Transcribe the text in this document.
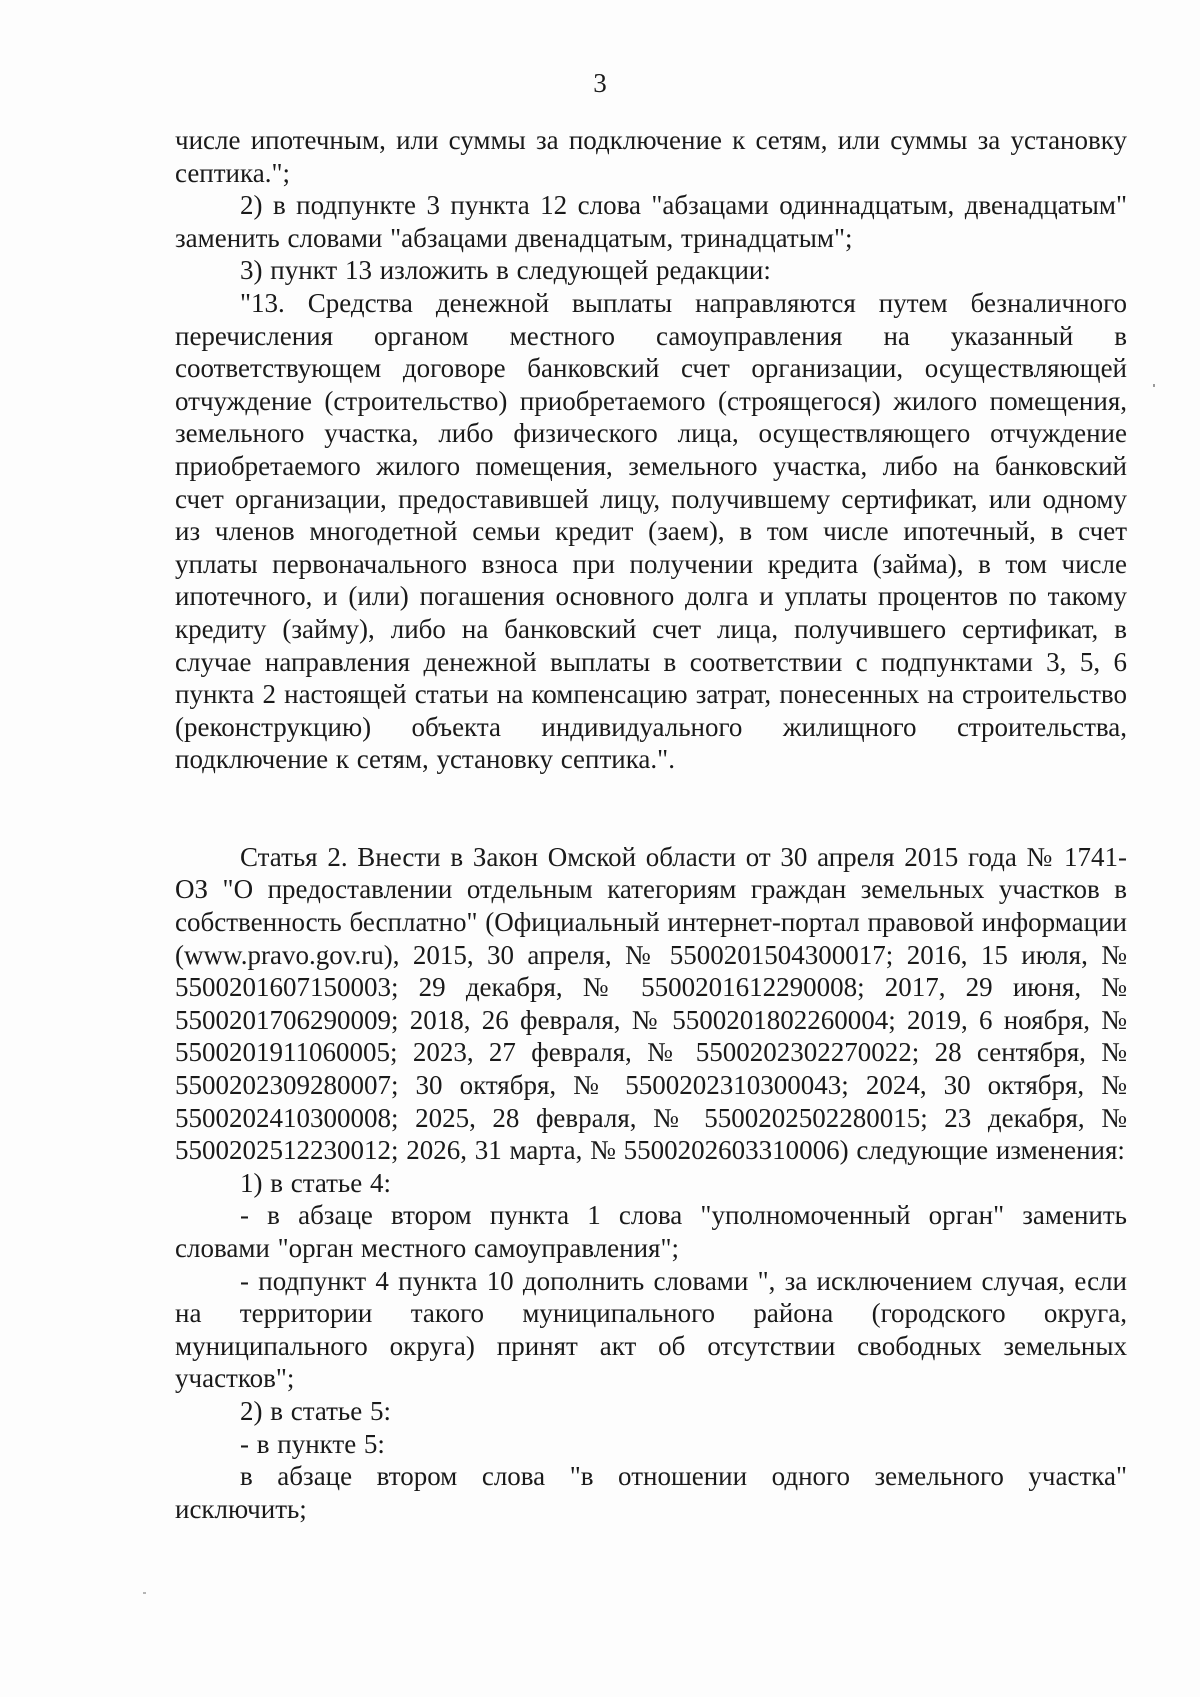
3

числе ипотечным, или суммы за подключение к сетям, или суммы за установку септика.";

2) в подпункте 3 пункта 12 слова "абзацами одиннадцатым, двенадцатым" заменить словами "абзацами двенадцатым, тринадцатым";

3) пункт 13 изложить в следующей редакции:

"13. Средства денежной выплаты направляются путем безналичного перечисления органом местного самоуправления на указанный в соответствующем договоре банковский счет организации, осуществляющей отчуждение (строительство) приобретаемого (строящегося) жилого помещения, земельного участка, либо физического лица, осуществляющего отчуждение приобретаемого жилого помещения, земельного участка, либо на банковский счет организации, предоставившей лицу, получившему сертификат, или одному из членов многодетной семьи кредит (заем), в том числе ипотечный, в счет уплаты первоначального взноса при получении кредита (займа), в том числе ипотечного, и (или) погашения основного долга и уплаты процентов по такому кредиту (займу), либо на банковский счет лица, получившего сертификат, в случае направления денежной выплаты в соответствии с подпунктами 3, 5, 6 пункта 2 настоящей статьи на компенсацию затрат, понесенных на строительство (реконструкцию) объекта индивидуального жилищного строительства, подключение к сетям, установку септика.".

Статья 2. Внести в Закон Омской области от 30 апреля 2015 года № 1741-ОЗ "О предоставлении отдельным категориям граждан земельных участков в собственность бесплатно" (Официальный интернет-портал правовой информации (www.pravo.gov.ru), 2015, 30 апреля, № 5500201504300017; 2016, 15 июля, № 5500201607150003; 29 декабря, № 5500201612290008; 2017, 29 июня, № 5500201706290009; 2018, 26 февраля, № 5500201802260004; 2019, 6 ноября, № 5500201911060005; 2023, 27 февраля, № 5500202302270022; 28 сентября, № 5500202309280007; 30 октября, № 5500202310300043; 2024, 30 октября, № 5500202410300008; 2025, 28 февраля, № 5500202502280015; 23 декабря, № 5500202512230012; 2026, 31 марта, № 5500202603310006) следующие изменения:

1) в статье 4:

- в абзаце втором пункта 1 слова "уполномоченный орган" заменить словами "орган местного самоуправления";

- подпункт 4 пункта 10 дополнить словами ", за исключением случая, если на территории такого муниципального района (городского округа, муниципального округа) принят акт об отсутствии свободных земельных участков";

2) в статье 5:

- в пункте 5:

в абзаце втором слова "в отношении одного земельного участка" исключить;
